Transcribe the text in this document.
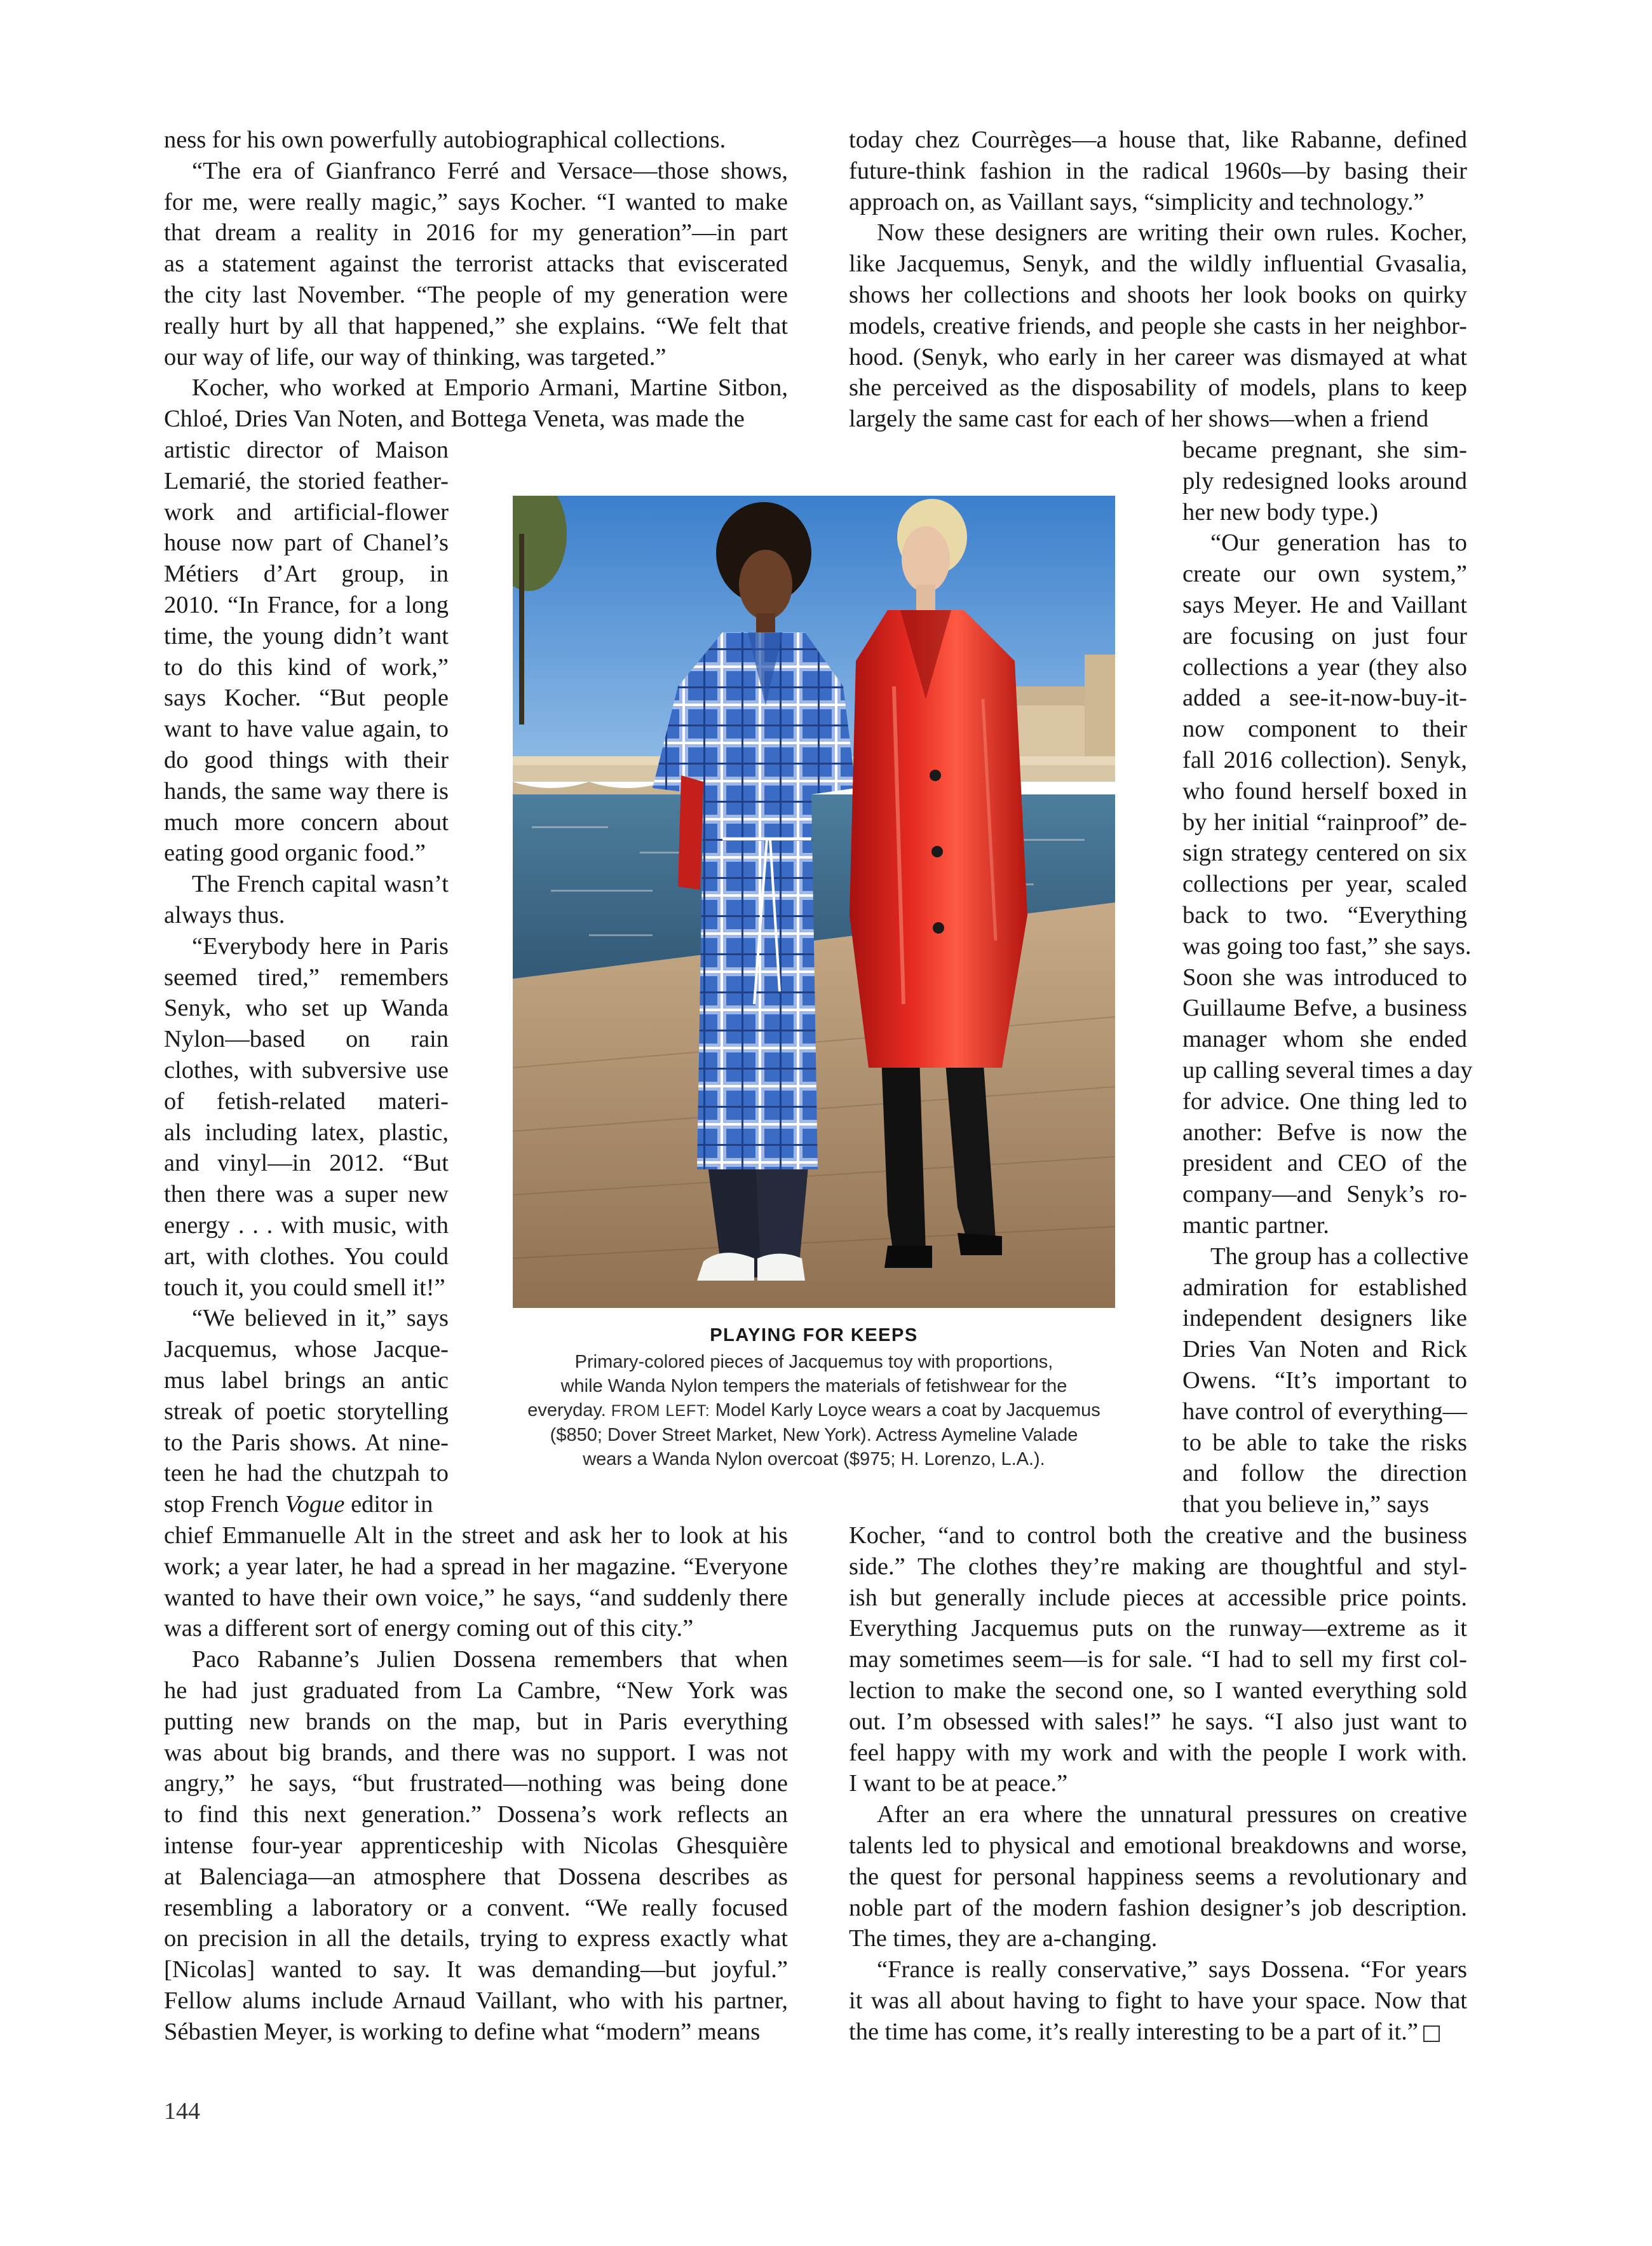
ness for his own powerfully autobiographical collections.
“The era of Gianfranco Ferré and Versace—those shows,
for me, were really magic,” says Kocher. “I wanted to make
that dream a reality in 2016 for my generation”—in part
as a statement against the terrorist attacks that eviscerated
the city last November. “The people of my generation were
really hurt by all that happened,” she explains. “We felt that
our way of life, our way of thinking, was targeted.”
Kocher, who worked at Emporio Armani, Martine Sitbon,
Chloé, Dries Van Noten, and Bottega Veneta, was made the
artistic director of Maison
Lemarié, the storied feather-
work and artificial-flower
house now part of Chanel’s
Métiers d’Art group, in
2010. “In France, for a long
time, the young didn’t want
to do this kind of work,”
says Kocher. “But people
want to have value again, to
do good things with their
hands, the same way there is
much more concern about
eating good organic food.”
The French capital wasn’t
always thus.
“Everybody here in Paris
seemed tired,” remembers
Senyk, who set up Wanda
Nylon—based on rain
clothes, with subversive use
of fetish-related materi-
als including latex, plastic,
and vinyl—in 2012. “But
then there was a super new
energy . . . with music, with
art, with clothes. You could
touch it, you could smell it!”
“We believed in it,” says
Jacquemus, whose Jacque-
mus label brings an antic
streak of poetic storytelling
to the Paris shows. At nine-
teen he had the chutzpah to
stop French Vogue editor in
chief Emmanuelle Alt in the street and ask her to look at his
work; a year later, he had a spread in her magazine. “Everyone
wanted to have their own voice,” he says, “and suddenly there
was a different sort of energy coming out of this city.”
Paco Rabanne’s Julien Dossena remembers that when
he had just graduated from La Cambre, “New York was
putting new brands on the map, but in Paris everything
was about big brands, and there was no support. I was not
angry,” he says, “but frustrated—nothing was being done
to find this next generation.” Dossena’s work reflects an
intense four-year apprenticeship with Nicolas Ghesquière
at Balenciaga—an atmosphere that Dossena describes as
resembling a laboratory or a convent. “We really focused
on precision in all the details, trying to express exactly what
[Nicolas] wanted to say. It was demanding—but joyful.”
Fellow alums include Arnaud Vaillant, who with his partner,
Sébastien Meyer, is working to define what “modern” means
today chez Courrèges—a house that, like Rabanne, defined
future-think fashion in the radical 1960s—by basing their
approach on, as Vaillant says, “simplicity and technology.”
Now these designers are writing their own rules. Kocher,
like Jacquemus, Senyk, and the wildly influential Gvasalia,
shows her collections and shoots her look books on quirky
models, creative friends, and people she casts in her neighbor-
hood. (Senyk, who early in her career was dismayed at what
she perceived as the disposability of models, plans to keep
largely the same cast for each of her shows—when a friend
became pregnant, she sim-
ply redesigned looks around
her new body type.)
“Our generation has to
create our own system,”
says Meyer. He and Vaillant
are focusing on just four
collections a year (they also
added a see-it-now-buy-it-
now component to their
fall 2016 collection). Senyk,
who found herself boxed in
by her initial “rainproof” de-
sign strategy centered on six
collections per year, scaled
back to two. “Everything
was going too fast,” she says.
Soon she was introduced to
Guillaume Befve, a business
manager whom she ended
up calling several times a day
for advice. One thing led to
another: Befve is now the
president and CEO of the
company—and Senyk’s ro-
mantic partner.
The group has a collective
admiration for established
independent designers like
Dries Van Noten and Rick
Owens. “It’s important to
have control of everything—
to be able to take the risks
and follow the direction
that you believe in,” says
Kocher, “and to control both the creative and the business
side.” The clothes they’re making are thoughtful and styl-
ish but generally include pieces at accessible price points.
Everything Jacquemus puts on the runway—extreme as it
may sometimes seem—is for sale. “I had to sell my first col-
lection to make the second one, so I wanted everything sold
out. I’m obsessed with sales!” he says. “I also just want to
feel happy with my work and with the people I work with.
I want to be at peace.”
After an era where the unnatural pressures on creative
talents led to physical and emotional breakdowns and worse,
the quest for personal happiness seems a revolutionary and
noble part of the modern fashion designer’s job description.
The times, they are a-changing.
“France is really conservative,” says Dossena. “For years
it was all about having to fight to have your space. Now that
the time has come, it’s really interesting to be a part of it.”
PLAYING FOR KEEPS
Primary-colored pieces of Jacquemus toy with proportions,
while Wanda Nylon tempers the materials of fetishwear for the
everyday. FROM LEFT: Model Karly Loyce wears a coat by Jacquemus
($850; Dover Street Market, New York). Actress Aymeline Valade
wears a Wanda Nylon overcoat ($975; H. Lorenzo, L.A.).
144
